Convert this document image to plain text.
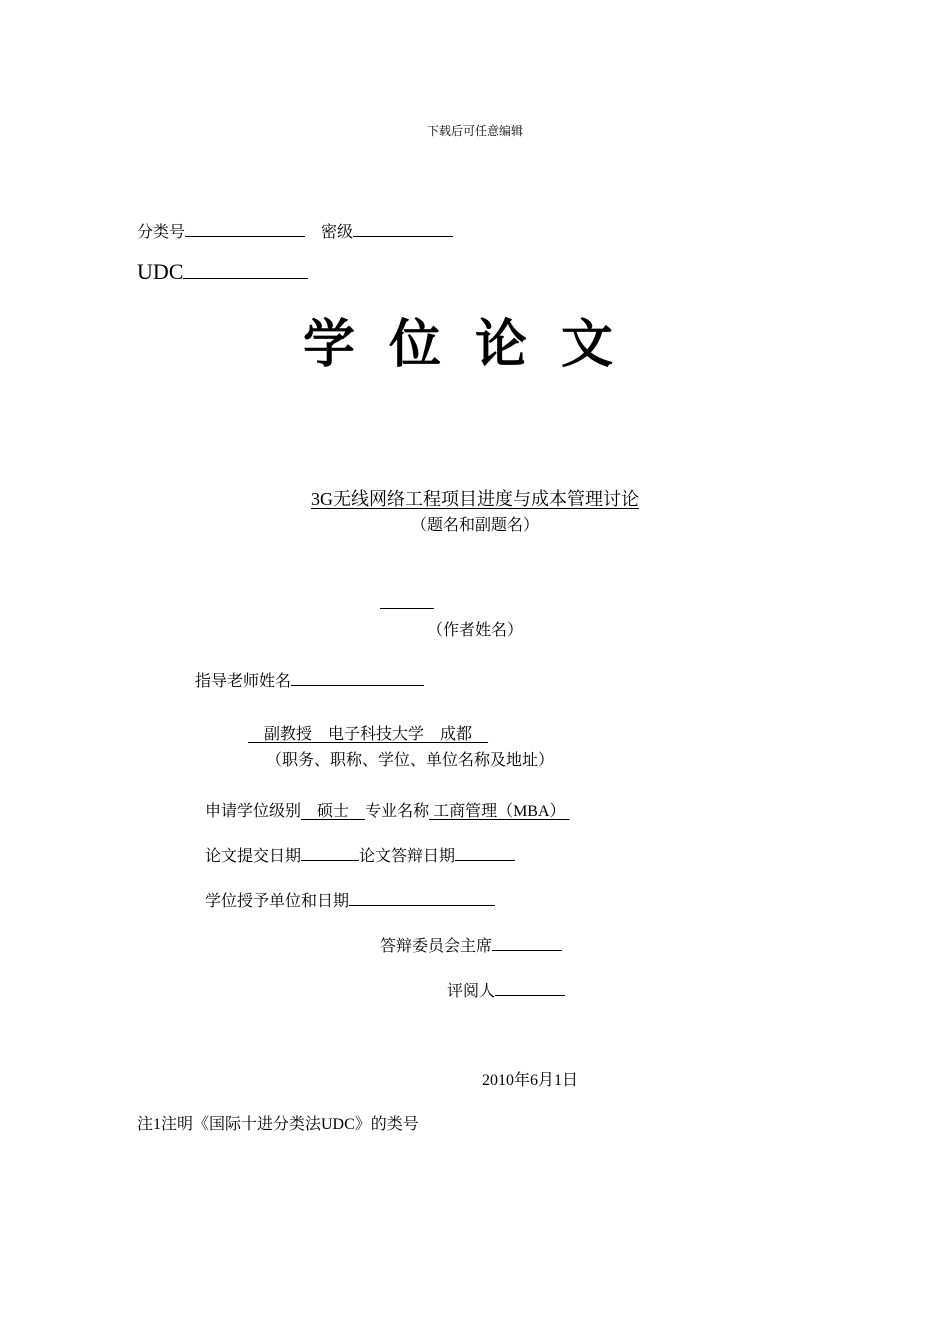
下载后可任意编辑
分类号	密级
UDC
学位论文
3G无线网络工程项目进度与成本管理讨论
（题名和副题名）
（作者姓名）
指导老师姓名
　副教授　电子科技大学　成都　
（职务、职称、学位、单位名称及地址）
申请学位级别　 硕士　 专业名称 工商管理（MBA）
论文提交日期	论文答辩日期
学位授予单位和日期
答辩委员会主席
评阅人
2010年6月1日
注1注明《国际十进分类法UDC》的类号
